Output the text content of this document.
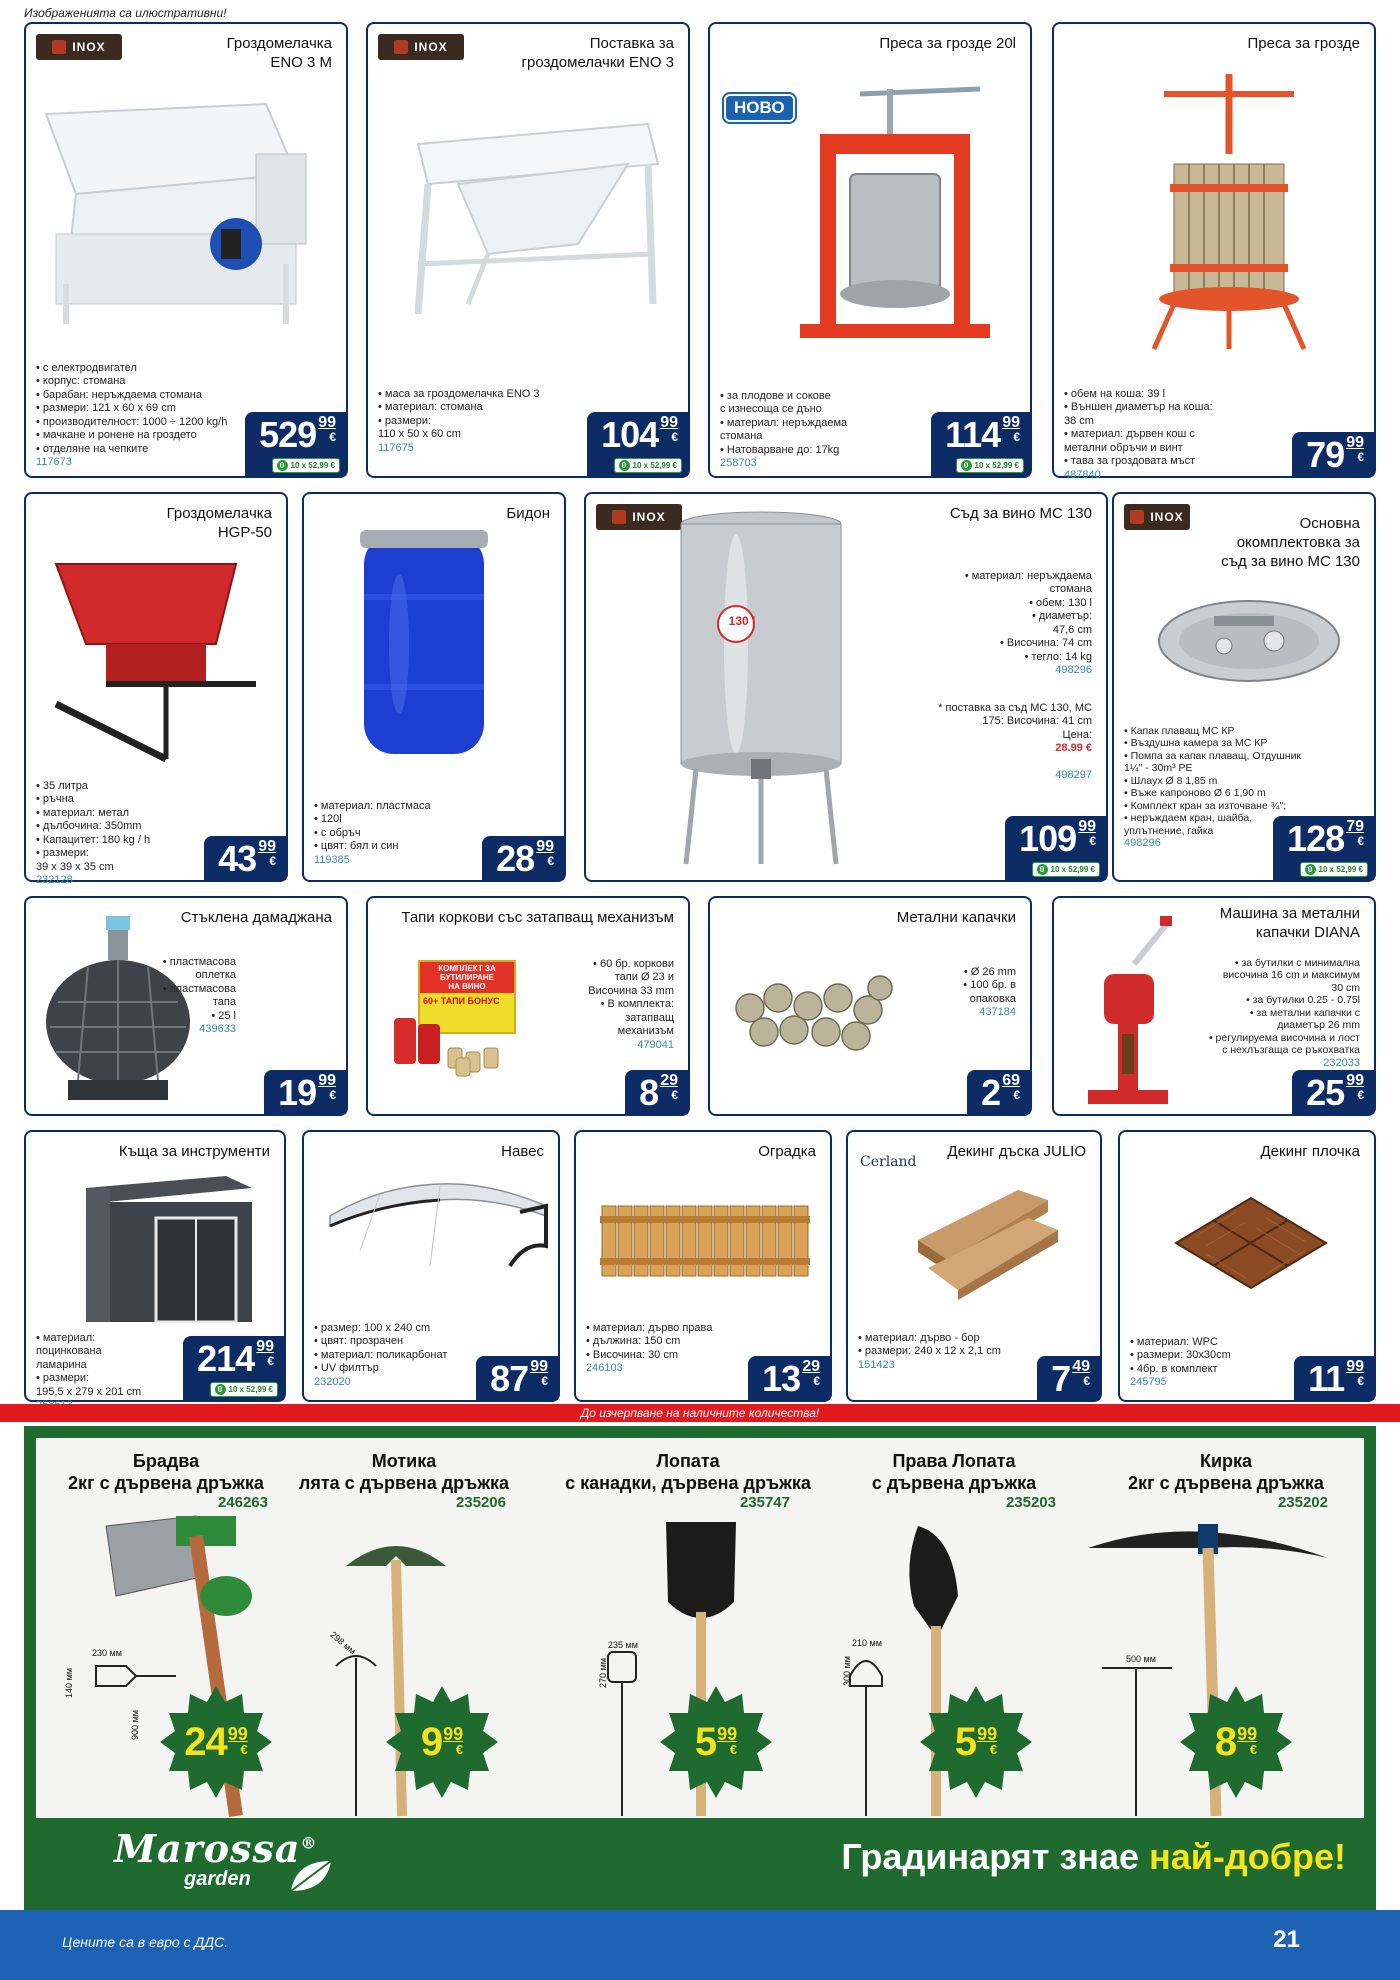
Изображенията са илюстративни!
INOX	Гроздомелачка
ENO 3 M

• с електродвигател
• корпус: стомана
• барабан: неръждаема стомана
• размери: 121 x 60 x 69 cm
• производителност: 1000 ÷ 1200 kg/h
• мачкане и ронене на гроздето
• отделяне на чепките

117673

529 99
€
0 10 х 52,99 €
INOX	Поставка за
гроздомелачки ENO 3

• маса за гроздомелачка ENO 3
• материал: стомана
• размери:
110 x 50 x 60 cm

117675	104 99
€
0 10 х 52,99 €
НОВО
Преса за грозде 20l

• за плодове и сокове
с изнесоща се дъно
• материал: неръждаема
стомана
• Натоварване до: 17kg

258703

114 99
€
0 10 х 52,99 €
Преса за грозде

• обем на коша: 39 l
• Външен диаметър на коша:
38 cm
• материал: дървен кош с
метални обръчи и винт
• тава за гроздовата мъст

487840	79 99
€
Гроздомелачка
HGP-50

• 35 литра
• ръчна
• материал: метал
• дълбочина: 350mm
• Капацитет: 180 kg / h
• размери:
39 x 39 x 35 cm

232128

43 99
€
Бидон

• материал: пластмаса
• 120l
• с обръч
• цвят: бял и син

119385	28 99
€
INOX	Съд за вино МС 130
130 l

• материал: неръждаема
стомана
• обем: 130 l
• диаметър:
47,6 cm
• Височина: 74 cm
• тегло: 14 kg

498296

* поставка за съд МС 130, МС
175: Височина: 41 cm
Цена:

28.99 €

498297

109 99
€
0 10 х 52,99 €
INOX	Основна
окомплектовка за
съд за вино МС 130

• Капак плаващ МС КР
• Въздушна камера за МС КР
• Помпа за капак плаващ, Отдушник
1¼" - 30m³ PE
• Шлаух Ø 8 1,85 m
• Въже капроново Ø 6 1,90 m
• Комплект кран за източване ¾";
• неръждаем кран, шайба,
уплътнение, гайка

498296	128 79
€
0 10 х 52,99 €
Стъклена дамаджана

• пластмасова
оплетка
• пластмасова
тапа
• 25 l

439633

19 99
€
Тапи коркови със затапващ механизъм
КОМПЛЕКТ ЗА
БУТИЛИРАНЕ
НА ВИНО
60+ ТАПИ БОНУС

• 60 бр. коркови
тапи Ø 23 и
Височина 33 mm
• В комплекта:
затапващ
механизъм

479041

8 29
€
Метални капачки

• Ø 26 mm
• 100 бр. в
опаковка

437184

2 69
€
Машина за метални
капачки DIANA

• за бутилки с минимална
височина 16 cm и максимум
30 cm
• за бутилки 0.25 - 0.75l
• за метални капачки с
диаметър 26 mm
• регулируема височина и лост
с нехлъзгаща се ръкохватка

232033

25 99
€
Къща за инструменти

• материал:
поцинкована
ламарина
• размери:
195,5 x 279 x 201 cm

214 99
€
0 10 х 52,99 €
Навес

• размер: 100 x 240 cm
• цвят: прозрачен
• материал: поликарбонат
• UV филтър

232020	87 99
€
Оградка

• материал: дърво правa
• дължина: 150 cm
• Височина: 30 cm

246103	13 29
€
Cerland
Декинг дъска JULIO

• материал: дърво - бор
• размери: 240 x 12 x 2,1 cm

151423	7 49
€
Декинг плочка

• материал: WPC
• размери: 30x30cm
• 4бр. в комплект

245795	11 99
€
До изчерпване на наличните количества!
Брадва
2кг с дървена дръжка
246263
230 мм
140 мм
900 мм 24 99
€
Мотика
лята с дървена дръжка
235206
298 мм
9 99
€
Лопата
с канадки, дървена дръжка
235747
235 мм
270 мм
5 99
€
Права Лопата
с дървена дръжка
235203
210 мм
300 мм
5 99
€
Кирка
2кг с дървена дръжка
235202
500 мм
8 99
€
Marossa®
garden
Градинарят знае най-добре!
Цените са в евро с ДДС.	21
